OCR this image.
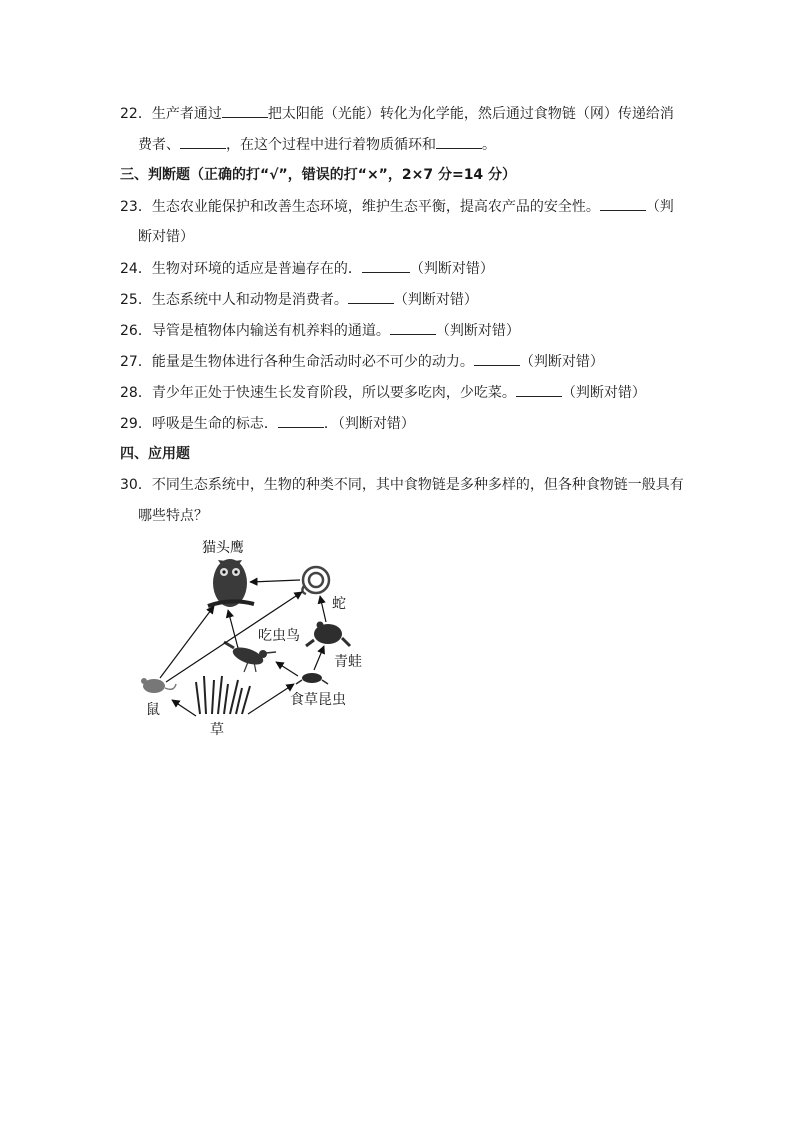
22．生产者通过	把太阳能（光能）转化为化学能，然后通过食物链（网）传递给消
费者、	，在这个过程中进行着物质循环和	。
三、判断题（正确的打“√”，错误的打“×”，2×7 分=14 分）
23．生态农业能保护和改善生态环境，维护生态平衡，提高农产品的安全性。	（判
断对错）
24．生物对环境的适应是普遍存在的．	（判断对错）
25．生态系统中人和动物是消费者。	（判断对错）
26．导管是植物体内输送有机养料的通道。	（判断对错）
27．能量是生物体进行各种生命活动时必不可少的动力。	（判断对错）
28．青少年正处于快速生长发育阶段，所以要多吃肉，少吃菜。	（判断对错）
29．呼吸是生命的标志．	．（判断对错）
四、应用题
30．不同生态系统中，生物的种类不同，其中食物链是多种多样的，但各种食物链一般具有
哪些特点？
猫头鹰
蛇
吃虫鸟
青蛙
鼠
草
食草昆虫
